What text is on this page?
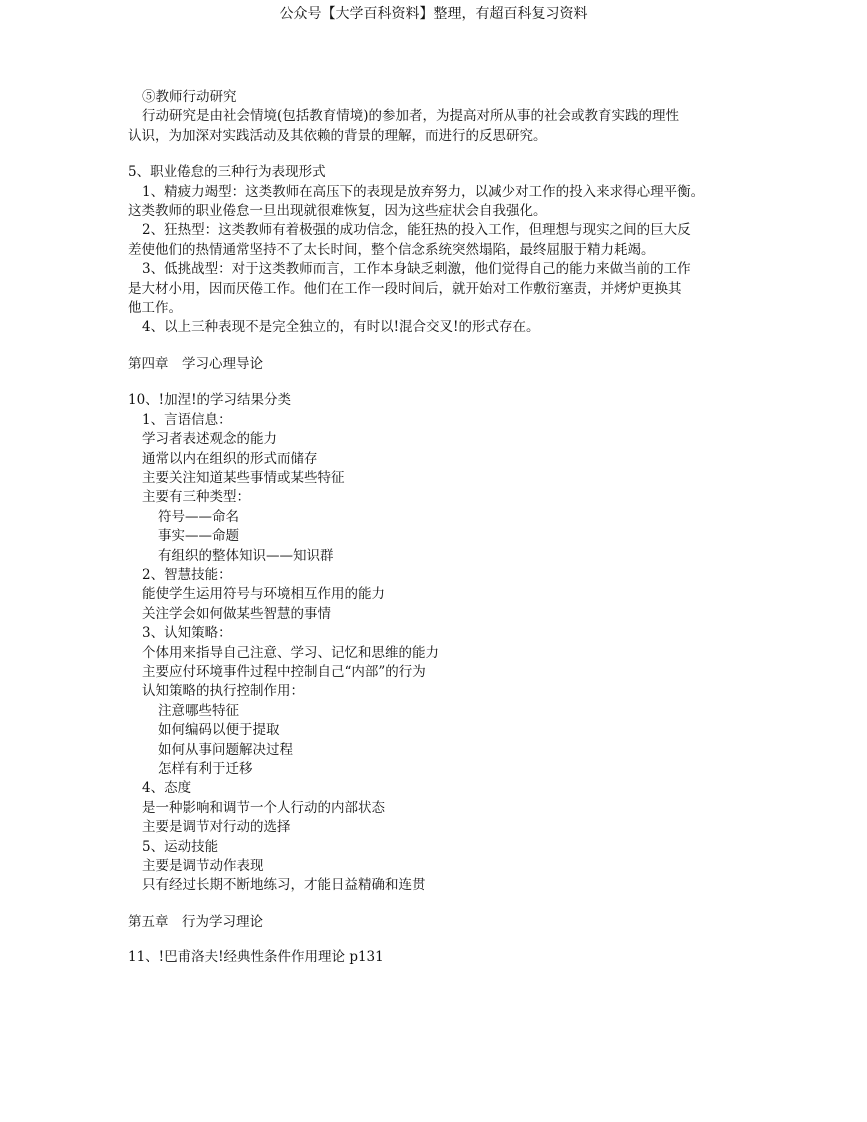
公众号【大学百科资料】整理，有超百科复习资料
⑤教师行动研究
行动研究是由社会情境(包括教育情境)的参加者，为提高对所从事的社会或教育实践的理性
认识，为加深对实践活动及其依赖的背景的理解，而进行的反思研究。
5、职业倦怠的三种行为表现形式
1、精疲力竭型：这类教师在高压下的表现是放弃努力，以减少对工作的投入来求得心理平衡。
这类教师的职业倦怠一旦出现就很难恢复，因为这些症状会自我强化。
2、狂热型：这类教师有着极强的成功信念，能狂热的投入工作，但理想与现实之间的巨大反
差使他们的热情通常坚持不了太长时间，整个信念系统突然塌陷，最终屈服于精力耗竭。
3、低挑战型：对于这类教师而言，工作本身缺乏刺激，他们觉得自己的能力来做当前的工作
是大材小用，因而厌倦工作。他们在工作一段时间后，就开始对工作敷衍塞责，并烤炉更换其
他工作。
4、以上三种表现不是完全独立的，有时以!混合交叉!的形式存在。
第四章　学习心理导论
10、!加涅!的学习结果分类
1、言语信息：
学习者表述观念的能力
通常以内在组织的形式而储存
主要关注知道某些事情或某些特征
主要有三种类型：
符号——命名
事实——命题
有组织的整体知识——知识群
2、智慧技能：
能使学生运用符号与环境相互作用的能力
关注学会如何做某些智慧的事情
3、认知策略：
个体用来指导自己注意、学习、记忆和思维的能力
主要应付环境事件过程中控制自己“内部”的行为
认知策略的执行控制作用：
注意哪些特征
如何编码以便于提取
如何从事问题解决过程
怎样有利于迁移
4、态度
是一种影响和调节一个人行动的内部状态
主要是调节对行动的选择
5、运动技能
主要是调节动作表现
只有经过长期不断地练习，才能日益精确和连贯
第五章　行为学习理论
11、!巴甫洛夫!经典性条件作用理论 p131
